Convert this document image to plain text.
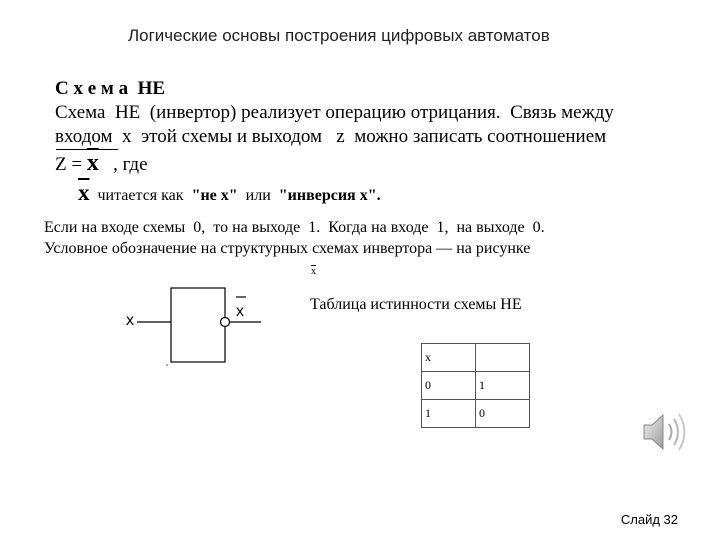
Логические основы построения цифровых автоматов
С х е м а НЕ
Схема  НЕ  (инвертор) реализует операцию отрицания.  Связь между
входом  x  этой схемы и выходом   z  можно записать соотношением
$Z = \overline{x}$ , где
$\overline{x}$ читается как  "не x"  или  "инверсия x".
Если на входе схемы  0,  то на выходе  1.  Когда на входе  1,  на выходе  0.
Условное обозначение на структурных схемах инвертора — на рисунке
$\overline{x}$
x
x	Таблица истинности схемы НЕ
x	
0	1
1	0
Слайд 32
